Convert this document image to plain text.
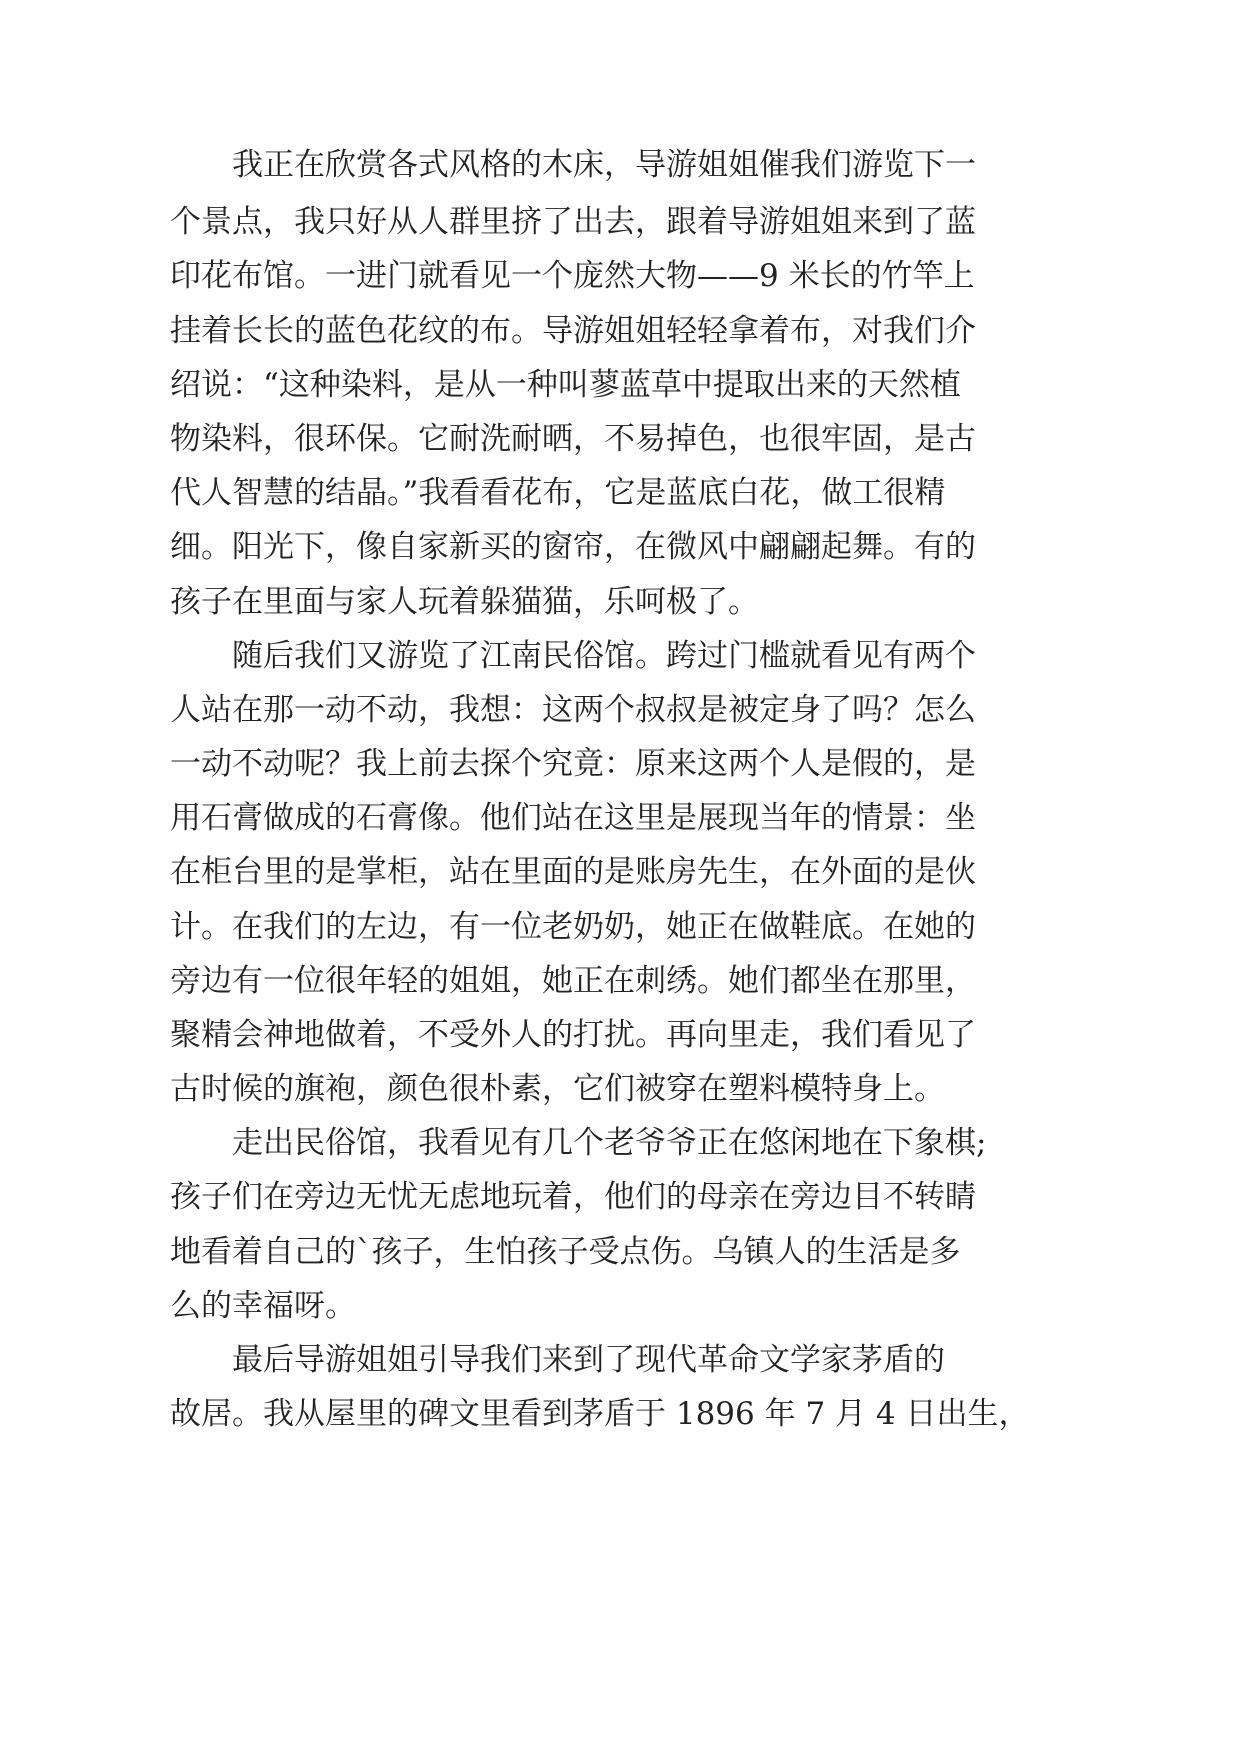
我正在欣赏各式风格的木床，导游姐姐催我们游览下一
个景点，我只好从人群里挤了出去，跟着导游姐姐来到了蓝
印花布馆。一进门就看见一个庞然大物——9 米长的竹竿上
挂着长长的蓝色花纹的布。导游姐姐轻轻拿着布，对我们介
绍说：“这种染料，是从一种叫蓼蓝草中提取出来的天然植
物染料，很环保。它耐洗耐晒，不易掉色，也很牢固，是古
代人智慧的结晶。”我看看花布，它是蓝底白花，做工很精
细。阳光下，像自家新买的窗帘，在微风中翩翩起舞。有的
孩子在里面与家人玩着躲猫猫，乐呵极了。
随后我们又游览了江南民俗馆。跨过门槛就看见有两个
人站在那一动不动，我想：这两个叔叔是被定身了吗？怎么
一动不动呢？我上前去探个究竟：原来这两个人是假的，是
用石膏做成的石膏像。他们站在这里是展现当年的情景：坐
在柜台里的是掌柜，站在里面的是账房先生，在外面的是伙
计。在我们的左边，有一位老奶奶，她正在做鞋底。在她的
旁边有一位很年轻的姐姐，她正在刺绣。她们都坐在那里，
聚精会神地做着，不受外人的打扰。再向里走，我们看见了
古时候的旗袍，颜色很朴素，它们被穿在塑料模特身上。
走出民俗馆，我看见有几个老爷爷正在悠闲地在下象棋;
孩子们在旁边无忧无虑地玩着，他们的母亲在旁边目不转睛
地看着自己的`孩子，生怕孩子受点伤。乌镇人的生活是多
么的幸福呀。
最后导游姐姐引导我们来到了现代革命文学家茅盾的
故居。我从屋里的碑文里看到茅盾于 1896 年 7 月 4 日出生，
